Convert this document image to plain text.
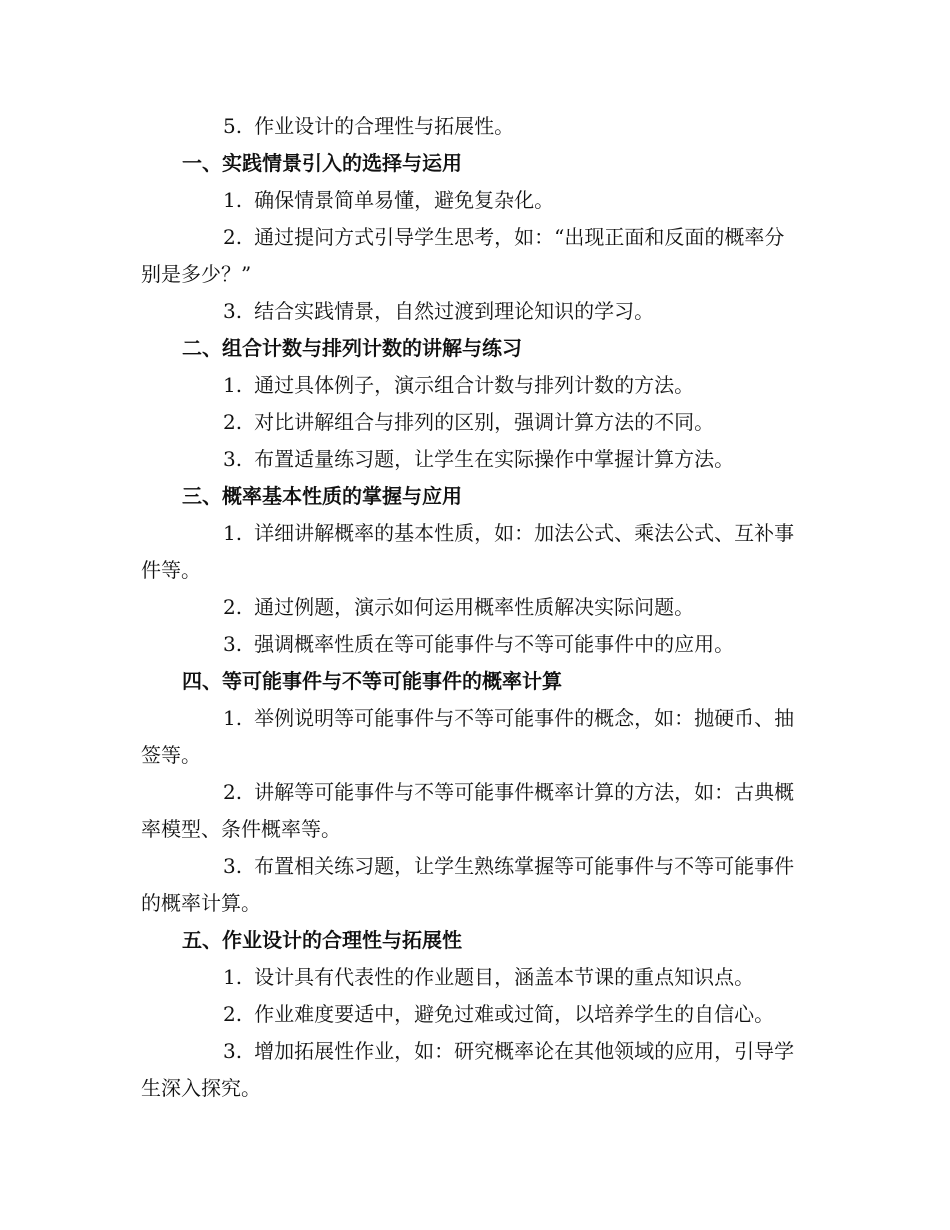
5. 作业设计的合理性与拓展性。

一、实践情景引入的选择与运用

1. 确保情景简单易懂，避免复杂化。

2. 通过提问方式引导学生思考，如：“出现正面和反面的概率分别是多少？”

3. 结合实践情景，自然过渡到理论知识的学习。

二、组合计数与排列计数的讲解与练习

1. 通过具体例子，演示组合计数与排列计数的方法。

2. 对比讲解组合与排列的区别，强调计算方法的不同。

3. 布置适量练习题，让学生在实际操作中掌握计算方法。

三、概率基本性质的掌握与应用

1. 详细讲解概率的基本性质，如：加法公式、乘法公式、互补事件等。

2. 通过例题，演示如何运用概率性质解决实际问题。

3. 强调概率性质在等可能事件与不等可能事件中的应用。

四、等可能事件与不等可能事件的概率计算

1. 举例说明等可能事件与不等可能事件的概念，如：抛硬币、抽签等。

2. 讲解等可能事件与不等可能事件概率计算的方法，如：古典概率模型、条件概率等。

3. 布置相关练习题，让学生熟练掌握等可能事件与不等可能事件的概率计算。

五、作业设计的合理性与拓展性

1. 设计具有代表性的作业题目，涵盖本节课的重点知识点。

2. 作业难度要适中，避免过难或过简，以培养学生的自信心。

3. 增加拓展性作业，如：研究概率论在其他领域的应用，引导学生深入探究。
